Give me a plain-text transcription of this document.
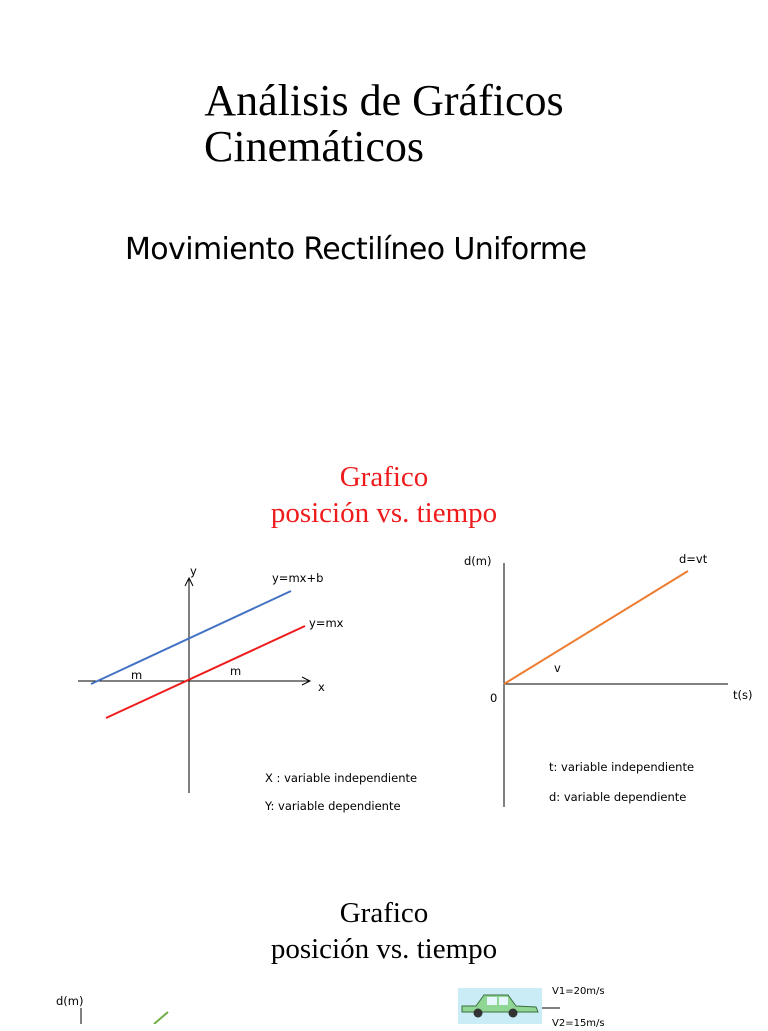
Análisis de Gráficos
Cinemáticos
Movimiento Rectilíneo Uniforme
Grafico
posición vs. tiempo
y
x
y=mx+b
y=mx
m	m
X : variable independiente
Y: variable dependiente
d(m)
t(s)
0
d=vt
v
t: variable independiente
d: variable dependiente
Grafico
posición vs. tiempo
d(m)
V1=20m/s
V2=15m/s
